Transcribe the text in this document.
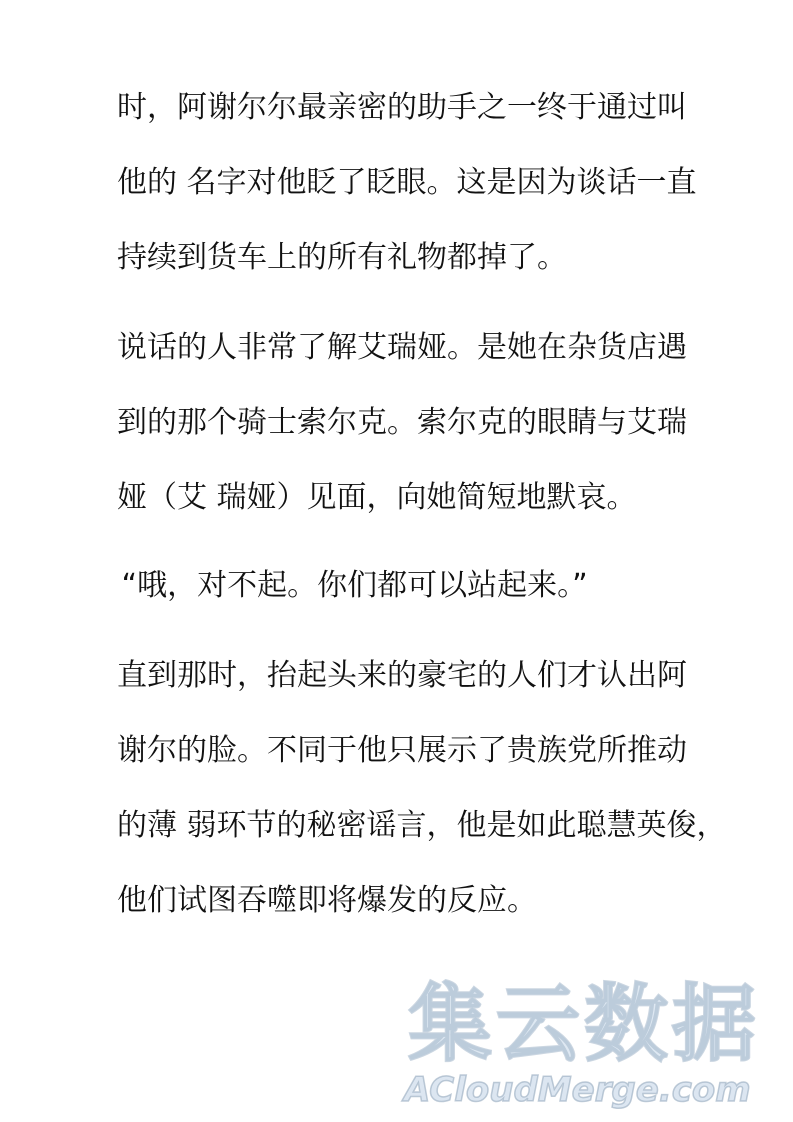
时，阿谢尔尔最亲密的助手之一终于通过叫
他的 名字对他眨了眨眼。这是因为谈话一直
持续到货车上的所有礼物都掉了。
说话的人非常了解艾瑞娅。是她在杂货店遇
到的那个骑士索尔克。索尔克的眼睛与艾瑞
娅（艾 瑞娅）见面，向她简短地默哀。
“哦，对不起。你们都可以站起来。”
直到那时，抬起头来的豪宅的人们才认出阿
谢尔的脸。不同于他只展示了贵族党所推动
的薄 弱环节的秘密谣言，他是如此聪慧英俊，
他们试图吞噬即将爆发的反应。
集云数据
ACloudMerge.com
